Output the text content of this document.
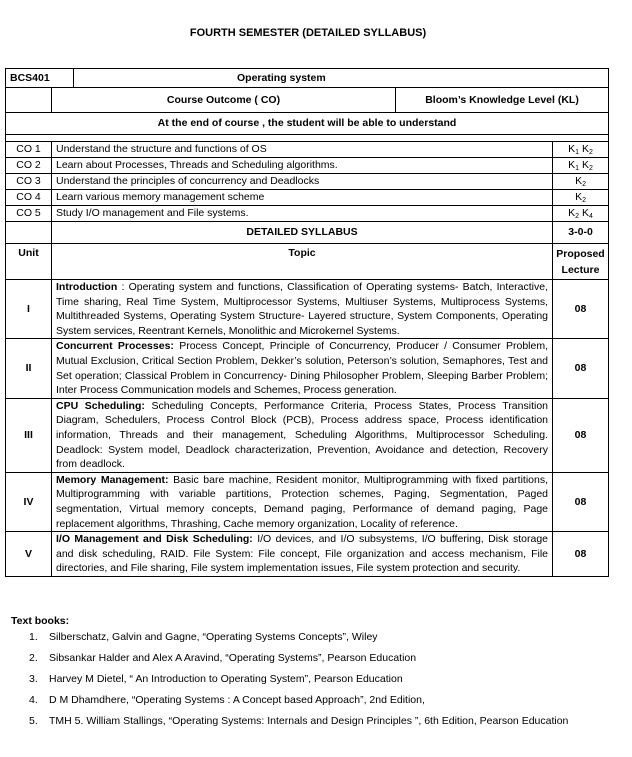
FOURTH SEMESTER (DETAILED SYLLABUS)
BCS401		Operating system		
	Course Outcome ( CO)		Bloom’s Knowledge Level (KL)	
At the end of course , the student will be able to understand				

CO 1	Understand the structure and functions of OS			$K_1$ $K_2$
CO 2	Learn about Processes, Threads and Scheduling algorithms.			$K_1$ $K_2$
CO 3	Understand the principles of concurrency and Deadlocks			$K_2$
CO 4	Learn various memory management scheme			$K_2$
CO 5	Study I/O management and File systems.			$K_2$ $K_4$
	DETAILED SYLLABUS			3-0-0
Unit	Topic			Proposed
Lecture

I	Introduction : Operating system and functions, Classification of Operating systems- Batch, Interactive, Time sharing, Real Time System, Multiprocessor Systems, Multiuser Systems, Multiprocess Systems, Multithreaded Systems, Operating System Structure- Layered structure, System Components, Operating System services, Reentrant Kernels, Monolithic and Microkernel Systems.			08
II	Concurrent Processes: Process Concept, Principle of Concurrency, Producer / Consumer Problem, Mutual Exclusion, Critical Section Problem, Dekker’s solution, Peterson’s solution, Semaphores, Test and Set operation; Classical Problem in Concurrency- Dining Philosopher Problem, Sleeping Barber Problem; Inter Process Communication models and Schemes, Process generation.			08
III	CPU Scheduling: Scheduling Concepts, Performance Criteria, Process States, Process Transition Diagram, Schedulers, Process Control Block (PCB), Process address space, Process identification information, Threads and their management, Scheduling Algorithms, Multiprocessor Scheduling. Deadlock: System model, Deadlock characterization, Prevention, Avoidance and detection, Recovery from deadlock.			08
IV	Memory Management: Basic bare machine, Resident monitor, Multiprogramming with fixed partitions, Multiprogramming with variable partitions, Protection schemes, Paging, Segmentation, Paged segmentation, Virtual memory concepts, Demand paging, Performance of demand paging, Page replacement algorithms, Thrashing, Cache memory organization, Locality of reference.			08
V	I/O Management and Disk Scheduling: I/O devices, and I/O subsystems, I/O buffering, Disk storage and disk scheduling, RAID. File System: File concept, File organization and access mechanism, File directories, and File sharing, File system implementation issues, File system protection and security.			08
Text books:
1. Silberschatz, Galvin and Gagne, “Operating Systems Concepts”, Wiley
2. Sibsankar Halder and Alex A Aravind, “Operating Systems”, Pearson Education
3. Harvey M Dietel, “ An Introduction to Operating System”, Pearson Education
4. D M Dhamdhere, “Operating Systems : A Concept based Approach”, 2nd Edition,
5. TMH 5. William Stallings, “Operating Systems: Internals and Design Principles ”, 6th Edition, Pearson Education
